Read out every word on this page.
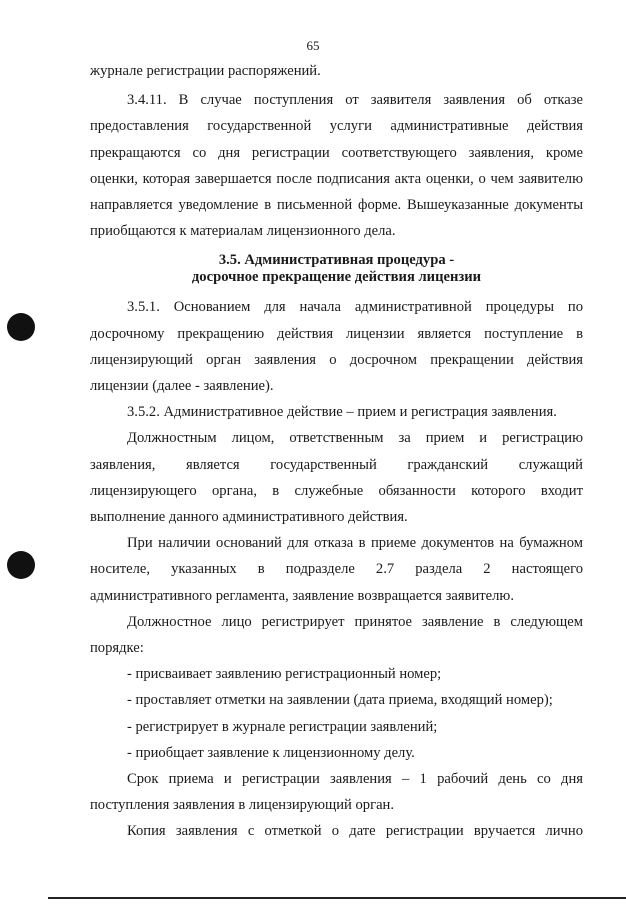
65

журнале регистрации распоряжений.

3.4.11. В случае поступления от заявителя заявления об отказе

предоставления государственной услуги административные действия

прекращаются со дня регистрации соответствующего заявления, кроме

оценки, которая завершается после подписания акта оценки, о чем заявителю

направляется уведомление в письменной форме. Вышеуказанные документы

приобщаются к материалам лицензионного дела.

3.5. Административная процедура -
досрочное прекращение действия лицензии

3.5.1. Основанием для начала административной процедуры по

досрочному прекращению действия лицензии является поступление в

лицензирующий орган заявления о досрочном прекращении действия

лицензии (далее - заявление).

3.5.2. Административное действие – прием и регистрация заявления.

Должностным лицом, ответственным за прием и регистрацию

заявления, является государственный гражданский служащий

лицензирующего органа, в служебные обязанности которого входит

выполнение данного административного действия.

При наличии оснований для отказа в приеме документов на бумажном

носителе, указанных в подразделе 2.7 раздела 2 настоящего

административного регламента, заявление возвращается заявителю.

Должностное лицо регистрирует принятое заявление в следующем

порядке:

- присваивает заявлению регистрационный номер;

- проставляет отметки на заявлении (дата приема, входящий номер);

- регистрирует в журнале регистрации заявлений;

- приобщает заявление к лицензионному делу.

Срок приема и регистрации заявления – 1 рабочий день со дня

поступления заявления в лицензирующий орган.

Копия заявления с отметкой о дате регистрации вручается лично
